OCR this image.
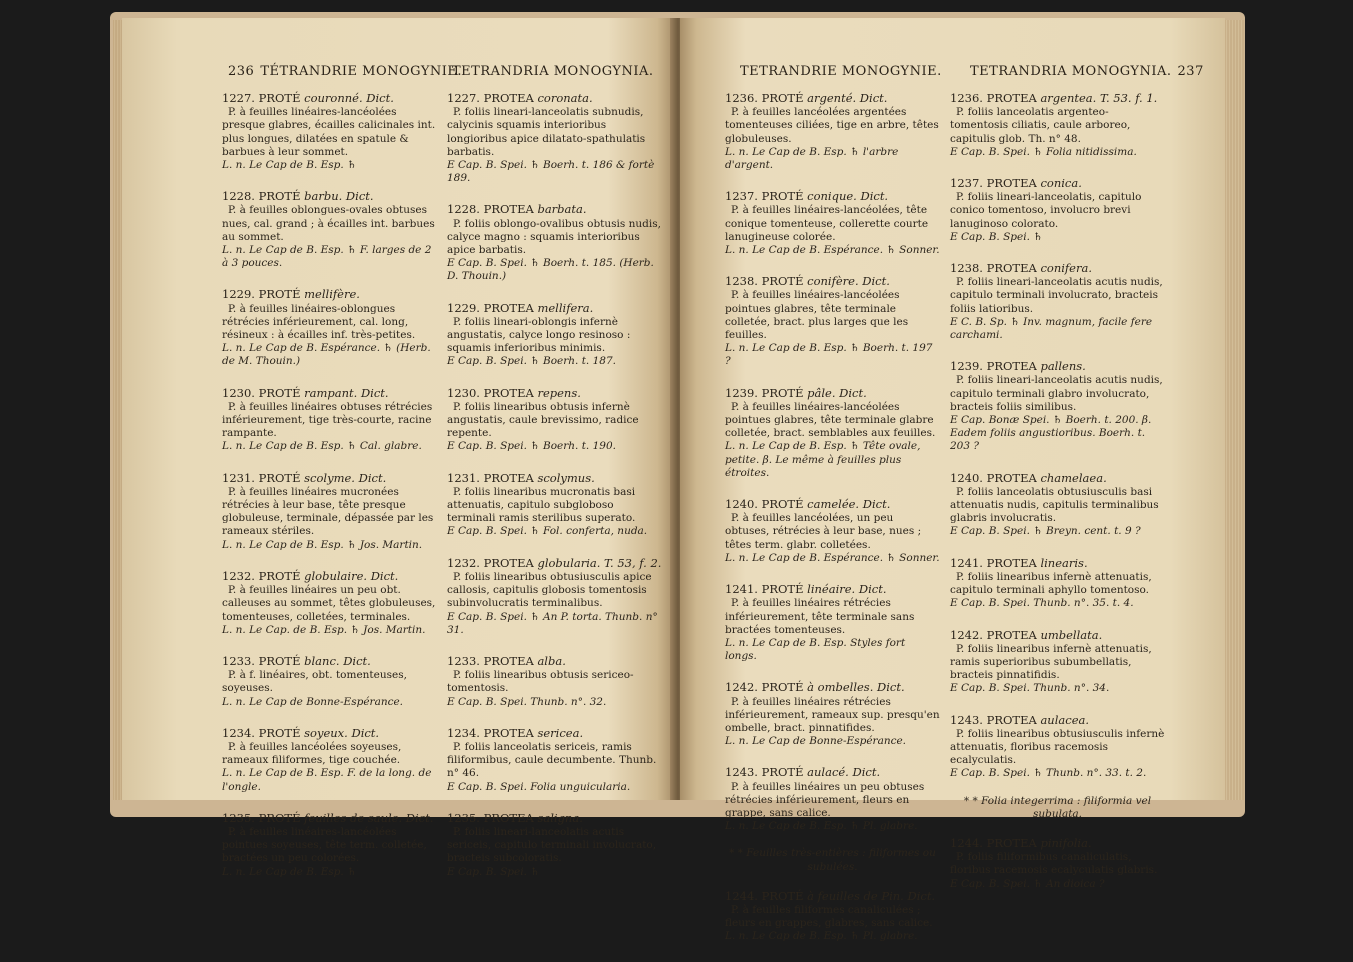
236 TÉTRANDRIE MONOGYNIE.
TETRANDRIA MONOGYNIA.
1227. PROTÉ couronné. Dict.

P. à feuilles linéaires-lancéolées presque glabres, écailles calicinales int. plus longues, dilatées en spatule & barbues à leur sommet.

L. n. Le Cap de B. Esp. ♄
1228. PROTÉ barbu. Dict.

P. à feuilles oblongues-ovales obtuses nues, cal. grand ; à écailles int. barbues au sommet.

L. n. Le Cap de B. Esp. ♄ F. larges de 2 à 3 pouces.
1229. PROTÉ mellifère.

P. à feuilles linéaires-oblongues rétrécies inférieurement, cal. long, résineux : à écailles inf. très-petites.

L. n. Le Cap de B. Espérance. ♄ (Herb. de M. Thouin.)
1230. PROTÉ rampant. Dict.

P. à feuilles linéaires obtuses rétrécies inférieurement, tige très-courte, racine rampante.

L. n. Le Cap de B. Esp. ♄ Cal. glabre.
1231. PROTÉ scolyme. Dict.

P. à feuilles linéaires mucronées rétrécies à leur base, tête presque globuleuse, terminale, dépassée par les rameaux stériles.

L. n. Le Cap de B. Esp. ♄ Jos. Martin.
1232. PROTÉ globulaire. Dict.

P. à feuilles linéaires un peu obt. calleuses au sommet, têtes globuleuses, tomenteuses, colletées, terminales.

L. n. Le Cap. de B. Esp. ♄ Jos. Martin.
1233. PROTÉ blanc. Dict.

P. à f. linéaires, obt. tomenteuses, soyeuses.

L. n. Le Cap de Bonne-Espérance.
1234. PROTÉ soyeux. Dict.

P. à feuilles lancéolées soyeuses, rameaux filiformes, tige couchée.

L. n. Le Cap de B. Esp. F. de la long. de l'ongle.
1235. PROTÉ feuilles de saule. Dict.

P. à feuilles linéaires-lancéolées pointues soyeuses, tête term. colletée, bractées un peu colorées.

L. n. Le Cap de B. Esp. ♄
1227. PROTEA coronata.

P. foliis lineari-lanceolatis subnudis, calycinis squamis interioribus longioribus apice dilatato-spathulatis barbatis.

E Cap. B. Spei. ♄ Boerh. t. 186 & fortè 189.
1228. PROTEA barbata.

P. foliis oblongo-ovalibus obtusis nudis, calyce magno : squamis interioribus apice barbatis.

E Cap. B. Spei. ♄ Boerh. t. 185. (Herb. D. Thouin.)
1229. PROTEA mellifera.

P. foliis lineari-oblongis infernè angustatis, calyce longo resinoso : squamis inferioribus minimis.

E Cap. B. Spei. ♄ Boerh. t. 187.
1230. PROTEA repens.

P. foliis linearibus obtusis infernè angustatis, caule brevissimo, radice repente.

E Cap. B. Spei. ♄ Boerh. t. 190.
1231. PROTEA scolymus.

P. foliis linearibus mucronatis basi attenuatis, capitulo subgloboso terminali ramis sterilibus superato.

E Cap. B. Spei. ♄ Fol. conferta, nuda.
1232. PROTEA globularia. T. 53, f. 2.

P. foliis linearibus obtusiusculis apice callosis, capitulis globosis tomentosis subinvolucratis terminalibus.

E Cap. B. Spei. ♄ An P. torta. Thunb. n° 31.
1233. PROTEA alba.

P. foliis linearibus obtusis sericeo-tomentosis.

E Cap. B. Spei. Thunb. n°. 32.
1234. PROTEA sericea.

P. foliis lanceolatis sericeis, ramis filiformibus, caule decumbente. Thunb. n° 46.

E Cap. B. Spei. Folia unguicularia.
1235. PROTEA saligna.

P. foliis lineari-lanceolatis acutis sericeis, capitulo terminali involucrato, bracteis subcoloratis.

E Cap. B. Spei. ♄
TETRANDRIE MONOGYNIE. TETRANDRIA MONOGYNIA. 237
1236. PROTÉ argenté. Dict.

P. à feuilles lancéolées argentées tomenteuses ciliées, tige en arbre, têtes globuleuses.

L. n. Le Cap de B. Esp. ♄ l'arbre d'argent.
1237. PROTÉ conique. Dict.

P. à feuilles linéaires-lancéolées, tête conique tomenteuse, collerette courte lanugineuse colorée.

L. n. Le Cap de B. Espérance. ♄ Sonner.
1238. PROTÉ conifère. Dict.

P. à feuilles linéaires-lancéolées pointues glabres, tête terminale colletée, bract. plus larges que les feuilles.

L. n. Le Cap de B. Esp. ♄ Boerh. t. 197 ?
1239. PROTÉ pâle. Dict.

P. à feuilles linéaires-lancéolées pointues glabres, tête terminale glabre colletée, bract. semblables aux feuilles.

L. n. Le Cap de B. Esp. ♄ Tête ovale, petite. β. Le même à feuilles plus étroites.
1240. PROTÉ camelée. Dict.

P. à feuilles lancéolées, un peu obtuses, rétrécies à leur base, nues ; têtes term. glabr. colletées.

L. n. Le Cap de B. Espérance. ♄ Sonner.
1241. PROTÉ linéaire. Dict.

P. à feuilles linéaires rétrécies inférieurement, tête terminale sans bractées tomenteuses.

L. n. Le Cap de B. Esp. Styles fort longs.
1242. PROTÉ à ombelles. Dict.

P. à feuilles linéaires rétrécies inférieurement, rameaux sup. presqu'en ombelle, bract. pinnatifides.

L. n. Le Cap de Bonne-Espérance.
1243. PROTÉ aulacé. Dict.

P. à feuilles linéaires un peu obtuses rétrécies inférieurement, fleurs en grappe, sans calice.

L. n. Le Cap de B. Esp. ♄ Pl. glabre.
* * Feuilles très-entières : filiformes ou subulées.
1244. PROTÉ à feuilles de Pin. Dict.

P. à feuilles filiformes canaliculées ; fleurs en grappes, glabres, sans calice.

L. n. Le Cap de B. Esp. ♄ Pl. glabre.
1236. PROTEA argentea. T. 53. f. 1.

P. foliis lanceolatis argenteo-tomentosis ciliatis, caule arboreo, capitulis glob. Th. n° 48.

E Cap. B. Spei. ♄ Folia nitidissima.
1237. PROTEA conica.

P. foliis lineari-lanceolatis, capitulo conico tomentoso, involucro brevi lanuginoso colorato.

E Cap. B. Spei. ♄
1238. PROTEA conifera.

P. foliis lineari-lanceolatis acutis nudis, capitulo terminali involucrato, bracteis foliis latioribus.

E C. B. Sp. ♄ Inv. magnum, facile fere carchami.
1239. PROTEA pallens.

P. foliis lineari-lanceolatis acutis nudis, capitulo terminali glabro involucrato, bracteis foliis similibus.

E Cap. Bonæ Spei. ♄ Boerh. t. 200. β. Eadem foliis angustioribus. Boerh. t. 203 ?
1240. PROTEA chamelaea.

P. foliis lanceolatis obtusiusculis basi attenuatis nudis, capitulis terminalibus glabris involucratis.

E Cap. B. Spei. ♄ Breyn. cent. t. 9 ?
1241. PROTEA linearis.

P. foliis linearibus infernè attenuatis, capitulo terminali aphyllo tomentoso.

E Cap. B. Spei. Thunb. n°. 35. t. 4.
1242. PROTEA umbellata.

P. foliis linearibus infernè attenuatis, ramis superioribus subumbellatis, bracteis pinnatifidis.

E Cap. B. Spei. Thunb. n°. 34.
1243. PROTEA aulacea.

P. foliis linearibus obtusiusculis infernè attenuatis, floribus racemosis ecalyculatis.

E Cap. B. Spei. ♄ Thunb. n°. 33. t. 2.
* * Folia integerrima : filiformia vel subulata.
1244. PROTEA pinifolia.

P. foliis filiformibus canaliculatis, floribus racemosis ecalyculatis glabris.

E Cap. B. Spei. ♄ An dioica ?
